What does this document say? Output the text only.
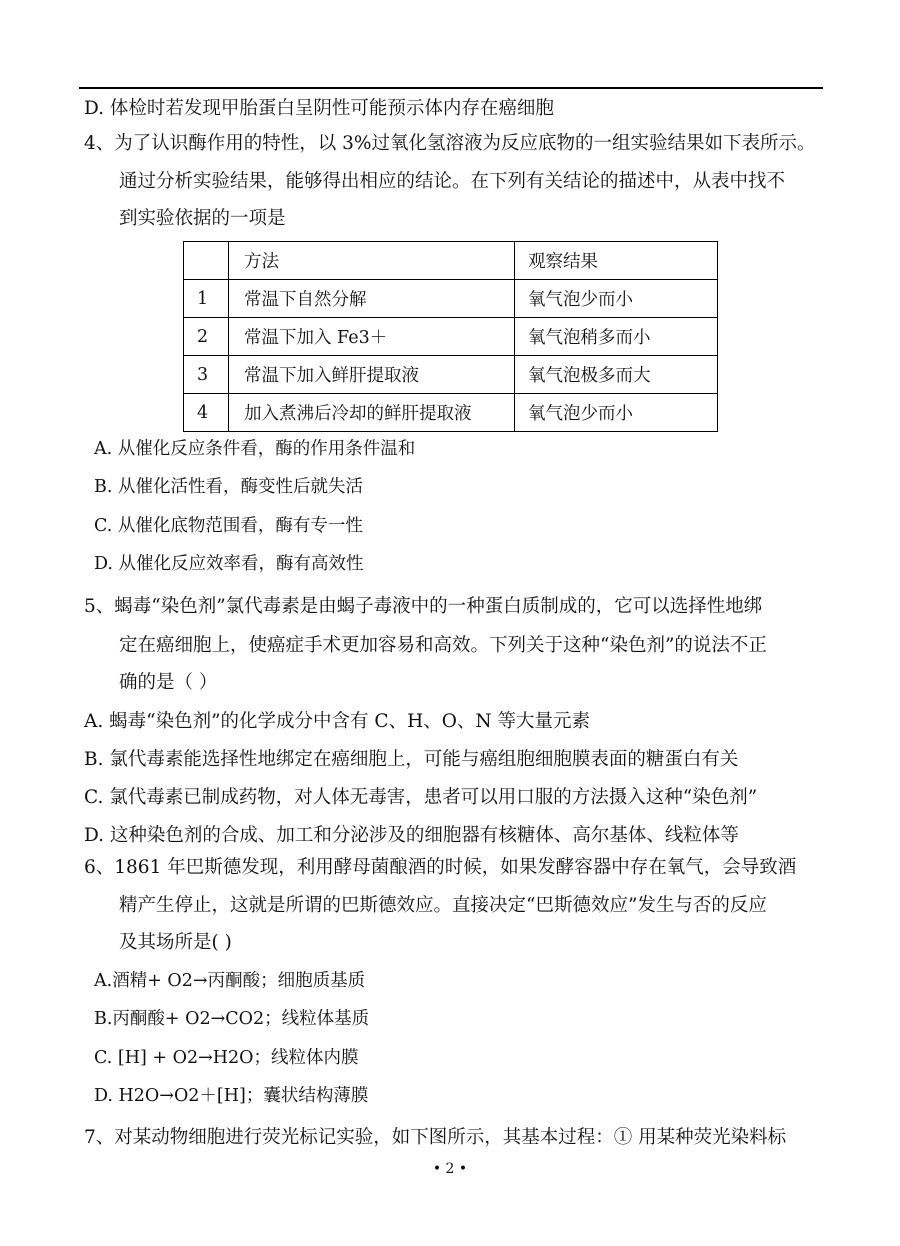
D. 体检时若发现甲胎蛋白呈阴性可能预示体内存在癌细胞
4、为了认识酶作用的特性，以 3%过氧化氢溶液为反应底物的一组实验结果如下表所示。
通过分析实验结果，能够得出相应的结论。在下列有关结论的描述中，从表中找不
到实验依据的一项是
	方法	观察结果
1	常温下自然分解	氧气泡少而小
2	常温下加入 Fe3＋	氧气泡稍多而小
3	常温下加入鲜肝提取液	氧气泡极多而大
4	加入煮沸后冷却的鲜肝提取液	氧气泡少而小
A. 从催化反应条件看，酶的作用条件温和
B. 从催化活性看，酶变性后就失活
C. 从催化底物范围看，酶有专一性
D. 从催化反应效率看，酶有高效性
5、蝎毒“染色剂”氯代毒素是由蝎子毒液中的一种蛋白质制成的，它可以选择性地绑
定在癌细胞上，使癌症手术更加容易和高效。下列关于这种“染色剂”的说法不正
确的是（ ）
A. 蝎毒“染色剂”的化学成分中含有 C、H、O、N 等大量元素
B. 氯代毒素能选择性地绑定在癌细胞上，可能与癌组胞细胞膜表面的糖蛋白有关
C. 氯代毒素已制成药物，对人体无毒害，患者可以用口服的方法摄入这种“染色剂”
D. 这种染色剂的合成、加工和分泌涉及的细胞器有核糖体、高尔基体、线粒体等
6、1861 年巴斯德发现，利用酵母菌酿酒的时候，如果发酵容器中存在氧气，会导致酒
精产生停止，这就是所谓的巴斯德效应。直接决定“巴斯德效应”发生与否的反应
及其场所是( )
A.酒精+ O2→丙酮酸；细胞质基质
B.丙酮酸+ O2→CO2；线粒体基质
C. [H] + O2→H2O；线粒体内膜
D. H2O→O2＋[H]；囊状结构薄膜
7、对某动物细胞进行荧光标记实验，如下图所示，其基本过程：① 用某种荧光染料标
• 2 •
